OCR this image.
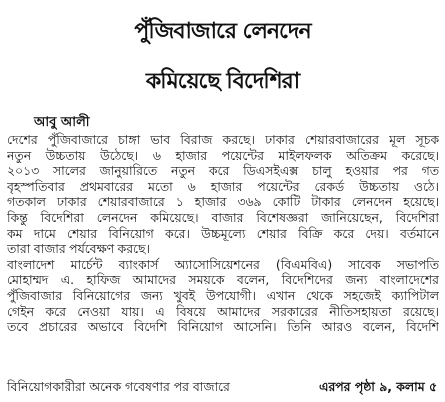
পুঁজিবাজারে লেনদেন
কমিয়েছে বিদেশিরা
আবু আলী
দেশের পুঁজিবাজারে চাঙ্গা ভাব বিরাজ করছে। ঢাকার শেয়ারবাজারের মূল সূচক
নতুন উচ্চতায় উঠেছে। ৬ হাজার পয়েন্টের মাইলফলক অতিক্রম করেছে।
২০১৩ সালের জানুয়ারিতে নতুন করে ডিএসইএক্স চালু হওয়ার পর গত
বৃহস্পতিবার প্রথমবারের মতো ৬ হাজার পয়েন্টের রেকর্ড উচ্চতায় ওঠে।
গতকাল ঢাকার শেয়ারবাজারে ১ হাজার ৩৬৯ কোটি টাকার লেনদেন হয়েছে।
কিন্তু বিদেশিরা লেনদেন কমিয়েছে। বাজার বিশেষজ্ঞরা জানিয়েছেন, বিদেশিরা
কম দামে শেয়ার বিনিয়োগ করে। উচ্চমূল্যে শেয়ার বিক্রি করে দেয়। বর্তমানে
তারা বাজার পর্যবেক্ষণ করছে।
বাংলাদেশ মার্চেন্ট ব্যাংকার্স অ্যাসোসিয়েশনের (বিএমবিএ) সাবেক সভাপতি
মোহাম্মদ এ. হাফিজ আমাদের সময়কে বলেন, বিদেশিদের জন্য বাংলাদেশের
পুঁজিবাজার বিনিয়োগের জন্য খুবই উপযোগী। এখান থেকে সহজেই ক্যাপিটাল
গেইন করে নেওয়া যায়। এ বিষয়ে আমাদের সরকারের নীতিসহায়তা রয়েছে।
তবে প্রচারের অভাবে বিদেশি বিনিয়োগ আসেনি। তিনি আরও বলেন, বিদেশি
বিনিয়োগকারীরা অনেক গবেষণার পর বাজারে	এরপর পৃষ্ঠা ৯, কলাম ৫
